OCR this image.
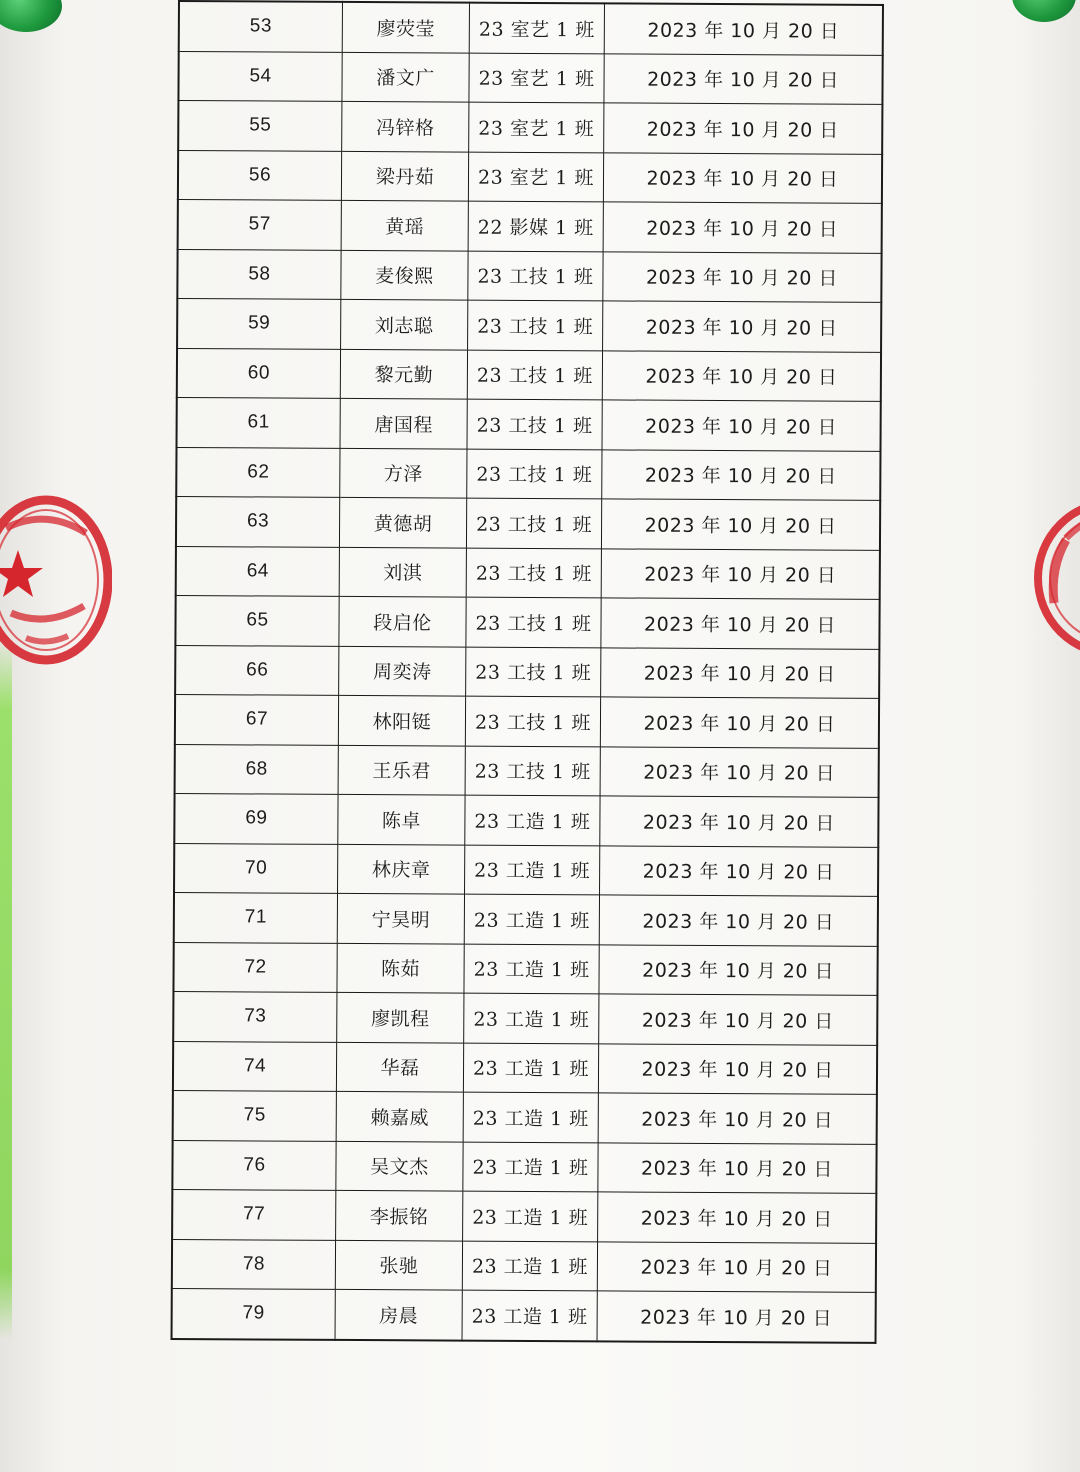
53	廖荧莹	23 室艺 1 班	2023 年 10 月 20 日
54	潘文广	23 室艺 1 班	2023 年 10 月 20 日
55	冯锌格	23 室艺 1 班	2023 年 10 月 20 日
56	梁丹茹	23 室艺 1 班	2023 年 10 月 20 日
57	黄瑶	22 影媒 1 班	2023 年 10 月 20 日
58	麦俊熙	23 工技 1 班	2023 年 10 月 20 日
59	刘志聪	23 工技 1 班	2023 年 10 月 20 日
60	黎元勤	23 工技 1 班	2023 年 10 月 20 日
61	唐国程	23 工技 1 班	2023 年 10 月 20 日
62	方泽	23 工技 1 班	2023 年 10 月 20 日
63	黄德胡	23 工技 1 班	2023 年 10 月 20 日
64	刘淇	23 工技 1 班	2023 年 10 月 20 日
65	段启伦	23 工技 1 班	2023 年 10 月 20 日
66	周奕涛	23 工技 1 班	2023 年 10 月 20 日
67	林阳铤	23 工技 1 班	2023 年 10 月 20 日
68	王乐君	23 工技 1 班	2023 年 10 月 20 日
69	陈卓	23 工造 1 班	2023 年 10 月 20 日
70	林庆章	23 工造 1 班	2023 年 10 月 20 日
71	宁昊明	23 工造 1 班	2023 年 10 月 20 日
72	陈茹	23 工造 1 班	2023 年 10 月 20 日
73	廖凯程	23 工造 1 班	2023 年 10 月 20 日
74	华磊	23 工造 1 班	2023 年 10 月 20 日
75	赖嘉威	23 工造 1 班	2023 年 10 月 20 日
76	吴文杰	23 工造 1 班	2023 年 10 月 20 日
77	李振铭	23 工造 1 班	2023 年 10 月 20 日
78	张驰	23 工造 1 班	2023 年 10 月 20 日
79	房晨	23 工造 1 班	2023 年 10 月 20 日
